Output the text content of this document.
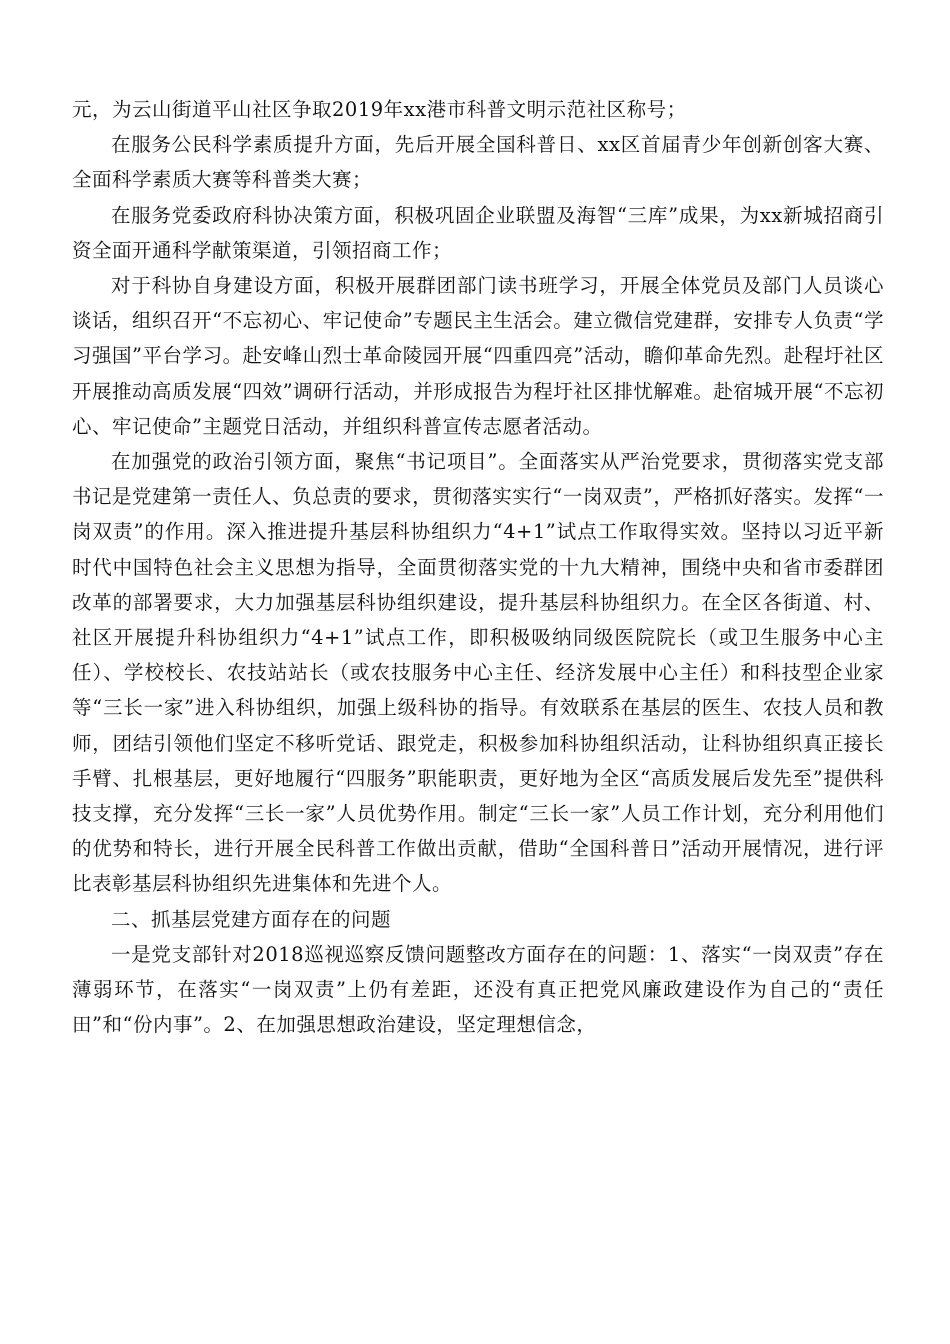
元，为云山街道平山社区争取2019年xx港市科普文明示范社区称号；

在服务公民科学素质提升方面，先后开展全国科普日、xx区首届青少年创新创客大赛、全面科学素质大赛等科普类大赛；

在服务党委政府科协决策方面，积极巩固企业联盟及海智“三库”成果，为xx新城招商引资全面开通科学献策渠道，引领招商工作；

对于科协自身建设方面，积极开展群团部门读书班学习，开展全体党员及部门人员谈心谈话，组织召开“不忘初心、牢记使命”专题民主生活会。建立微信党建群，安排专人负责“学习强国”平台学习。赴安峰山烈士革命陵园开展“四重四亮”活动，瞻仰革命先烈。赴程圩社区开展推动高质发展“四效”调研行活动，并形成报告为程圩社区排忧解难。赴宿城开展“不忘初心、牢记使命”主题党日活动，并组织科普宣传志愿者活动。

在加强党的政治引领方面，聚焦“书记项目”。全面落实从严治党要求，贯彻落实党支部书记是党建第一责任人、负总责的要求，贯彻落实实行“一岗双责”，严格抓好落实。发挥“一岗双责”的作用。深入推进提升基层科协组织力“4+1”试点工作取得实效。坚持以习近平新时代中国特色社会主义思想为指导，全面贯彻落实党的十九大精神，围绕中央和省市委群团改革的部署要求，大力加强基层科协组织建设，提升基层科协组织力。在全区各街道、村、社区开展提升科协组织力“4+1”试点工作，即积极吸纳同级医院院长（或卫生服务中心主任）、学校校长、农技站站长（或农技服务中心主任、经济发展中心主任）和科技型企业家等“三长一家”进入科协组织，加强上级科协的指导。有效联系在基层的医生、农技人员和教师，团结引领他们坚定不移听党话、跟党走，积极参加科协组织活动，让科协组织真正接长手臂、扎根基层，更好地履行“四服务”职能职责，更好地为全区“高质发展后发先至”提供科技支撑，充分发挥“三长一家”人员优势作用。制定“三长一家”人员工作计划，充分利用他们的优势和特长，进行开展全民科普工作做出贡献，借助“全国科普日”活动开展情况，进行评比表彰基层科协组织先进集体和先进个人。

二、抓基层党建方面存在的问题

一是党支部针对2018巡视巡察反馈问题整改方面存在的问题：1、落实“一岗双责”存在薄弱环节，在落实“一岗双责”上仍有差距，还没有真正把党风廉政建设作为自己的“责任田”和“份内事”。2、在加强思想政治建设，坚定理想信念，
